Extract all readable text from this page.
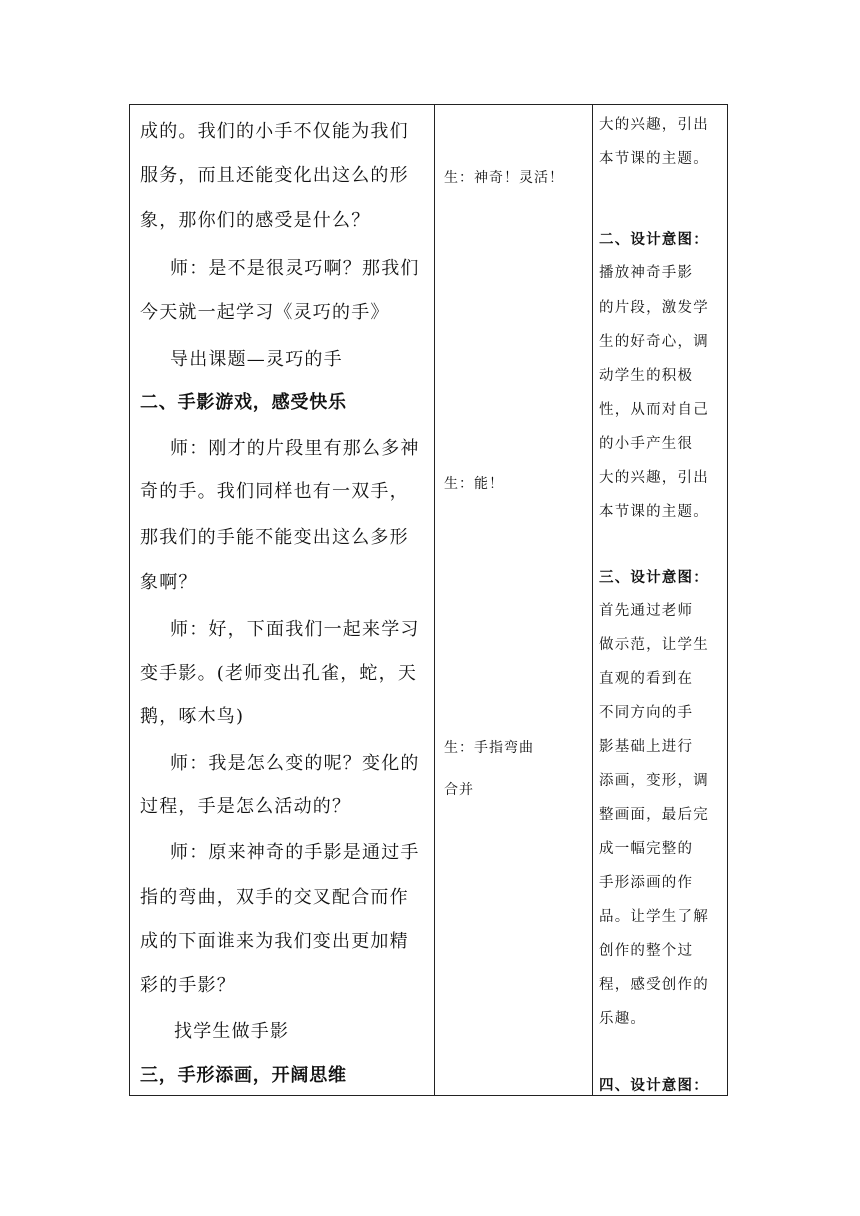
成的。我们的小手不仅能为我们
服务，而且还能变化出这么的形
象，那你们的感受是什么？
师：是不是很灵巧啊？那我们
今天就一起学习《灵巧的手》
导出课题—灵巧的手
二、手影游戏，感受快乐
师：刚才的片段里有那么多神
奇的手。我们同样也有一双手，
那我们的手能不能变出这么多形
象啊？
师：好，下面我们一起来学习
变手影。(老师变出孔雀，蛇，天
鹅，啄木鸟)
师：我是怎么变的呢？变化的
过程，手是怎么活动的？
师：原来神奇的手影是通过手
指的弯曲，双手的交叉配合而作
成的下面谁来为我们变出更加精
彩的手影？
找学生做手影
三，手形添画，开阔思维
生：神奇！灵活！
生：能！
生：手指弯曲
合并
大的兴趣，引出
本节课的主题。
二、设计意图：
播放神奇手影
的片段，激发学
生的好奇心，调
动学生的积极
性，从而对自己
的小手产生很
大的兴趣，引出
本节课的主题。
三、设计意图：
首先通过老师
做示范，让学生
直观的看到在
不同方向的手
影基础上进行
添画，变形，调
整画面，最后完
成一幅完整的
手形添画的作
品。让学生了解
创作的整个过
程，感受创作的
乐趣。
四、设计意图：
